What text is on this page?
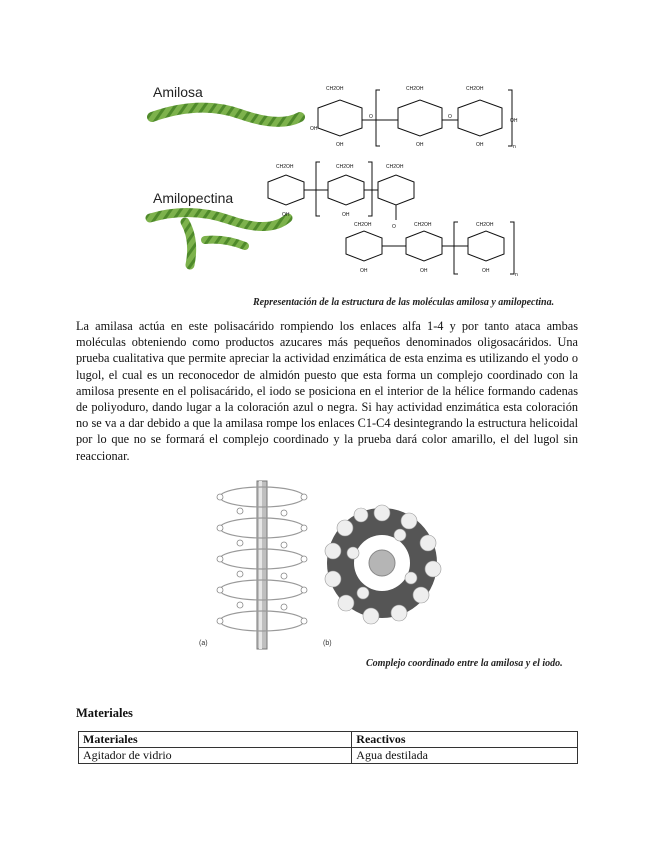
Amilosa
Amilopectina
CH2OH	CH2OH	CH2OH
OH	OH	OH
OH
OH
O	O
n
CH2OH	CH2OH	CH2OH
OH	OH
O
CH2OH	CH2OH	CH2OH
OH	OH	OH
n
Representación de la estructura de las moléculas amilosa y amilopectina.

La amilasa actúa en este polisacárido rompiendo los enlaces alfa 1-4 y por tanto ataca ambas moléculas obteniendo como productos azucares más pequeños denominados oligosacáridos. Una prueba cualitativa que permite apreciar la actividad enzimática de esta enzima es utilizando el yodo o lugol, el cual es un reconocedor de almidón puesto que esta forma un complejo coordinado con la amilosa presente en el polisacárido, el iodo se posiciona en el interior de la hélice formando cadenas de poliyoduro, dando lugar a la coloración azul o negra. Si hay actividad enzimática esta coloración no se va a dar debido a que la amilasa rompe los enlaces C1-C4 desintegrando la estructura helicoidal por lo que no se formará el complejo coordinado y la prueba dará color amarillo, el del lugol sin reaccionar.

(a)	(b)
Complejo coordinado entre la amilosa y el iodo.
Materiales
Materiales	Reactivos
Agitador de vidrio	Agua destilada
